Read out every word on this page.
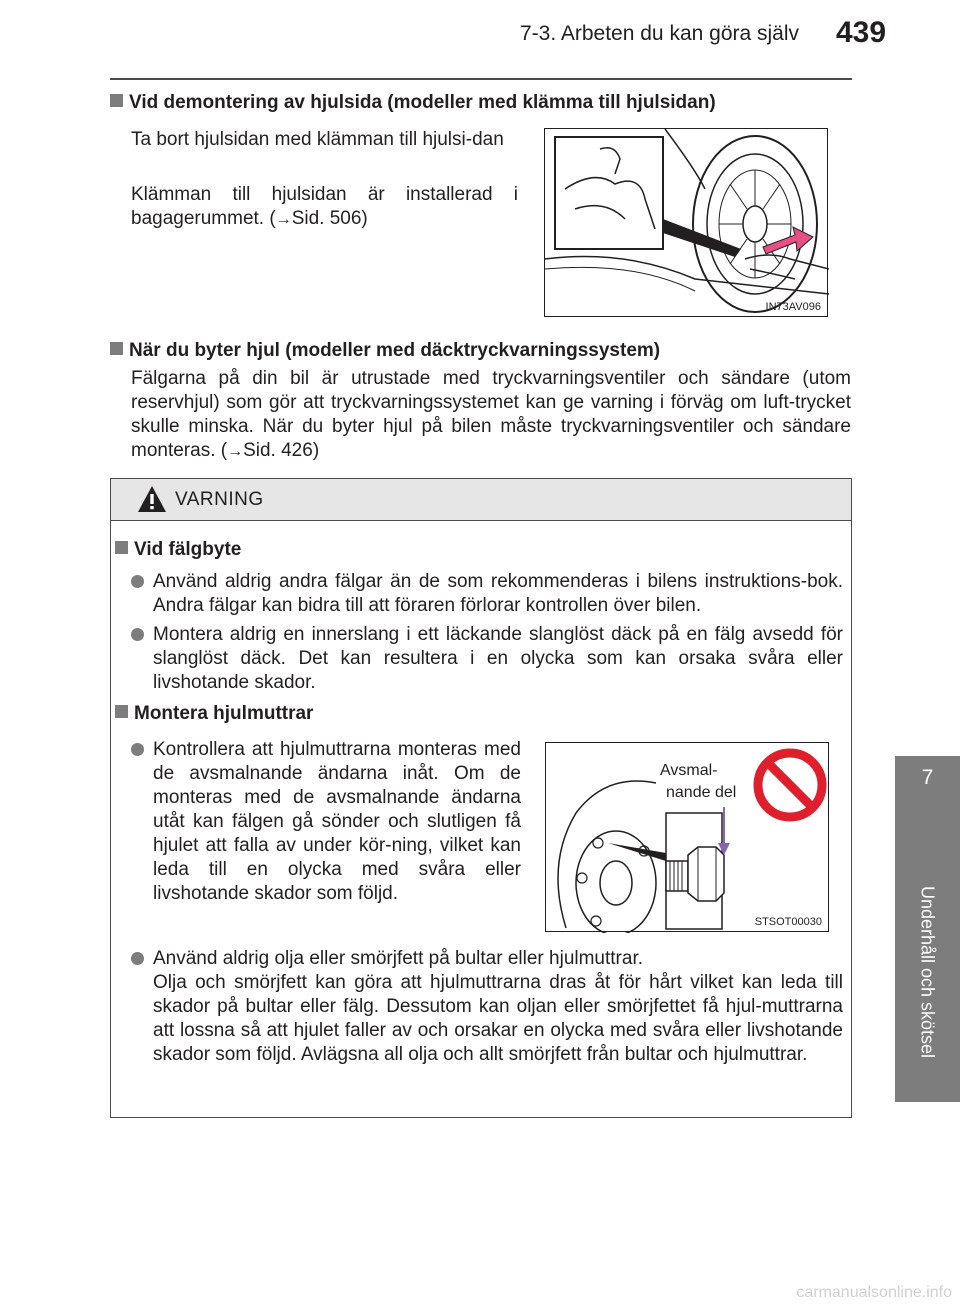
7-3. Arbeten du kan göra själv 439
7
Underhåll och skötsel
Vid demontering av hjulsida (modeller med klämma till hjulsidan)
Ta bort hjulsidan med klämman till hjulsi-dan
Klämman till hjulsidan är installerad i bagagerummet. (→Sid. 506)
IN73AV096
När du byter hjul (modeller med däcktryckvarningssystem)
Fälgarna på din bil är utrustade med tryckvarningsventiler och sändare (utom reservhjul) som gör att tryckvarningssystemet kan ge varning i förväg om luft-trycket skulle minska. När du byter hjul på bilen måste tryckvarningsventiler och sändare monteras. (→Sid. 426)
VARNING
Vid fälgbyte
Använd aldrig andra fälgar än de som rekommenderas i bilens instruktions-bok. Andra fälgar kan bidra till att föraren förlorar kontrollen över bilen.
Montera aldrig en innerslang i ett läckande slanglöst däck på en fälg avsedd för slanglöst däck. Det kan resultera i en olycka som kan orsaka svåra eller livshotande skador.
Montera hjulmuttrar
Kontrollera att hjulmuttrarna monteras med de avsmalnande ändarna inåt. Om de monteras med de avsmalnande ändarna utåt kan fälgen gå sönder och slutligen få hjulet att falla av under kör-ning, vilket kan leda till en olycka med svåra eller livshotande skador som följd.
Avsmal-
nande del
STSOT00030
Använd aldrig olja eller smörjfett på bultar eller hjulmuttrar.
Olja och smörjfett kan göra att hjulmuttrarna dras åt för hårt vilket kan leda till skador på bultar eller fälg. Dessutom kan oljan eller smörjfettet få hjul-muttrarna att lossna så att hjulet faller av och orsakar en olycka med svåra eller livshotande skador som följd. Avlägsna all olja och allt smörjfett från bultar och hjulmuttrar.
carmanualsonline.info
